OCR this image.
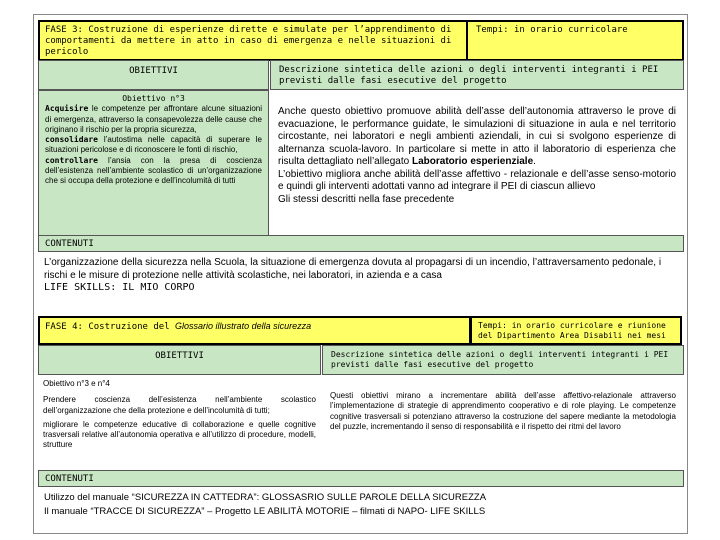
FASE 3: Costruzione di esperienze dirette e simulate per l’apprendimento di comportamenti da mettere in atto in caso di emergenza e nelle situazioni di pericolo
Tempi: in orario curricolare
OBIETTIVI	Descrizione sintetica delle azioni o degli interventi integranti i PEI previsti dalle fasi esecutive del progetto

Obiettivo n°3

Acquisire le competenze per affrontare alcune situazioni di emergenza, attraverso la consapevolezza delle cause che originano il rischio per la propria sicurezza,

consolidare l’autostima nelle capacità di superare le situazioni pericolose e di riconoscere le fonti di rischio,

controllare l’ansia con la presa di coscienza dell’esistenza nell’ambiente scolastico di un’organizzazione che si occupa della protezione e dell’incolumità di tutti

Anche questo obiettivo promuove abilità dell’asse dell’autonomia attraverso le prove di evacuazione, le performance guidate, le simulazioni di situazione in aula e nel territorio circostante, nei laboratori e negli ambienti aziendali, in cui si svolgono esperienze di alternanza scuola-lavoro. In particolare si mette in atto il laboratorio di esperienza che risulta dettagliato nell’allegato Laboratorio esperienziale.

L’obiettivo migliora anche abilità dell’asse affettivo - relazionale e dell’asse senso-motorio e quindi gli interventi adottati vanno ad integrare il PEI di ciascun allievo

Gli stessi descritti nella fase precedente

CONTENUTI

L’organizzazione della sicurezza nella Scuola, la situazione di emergenza dovuta al propagarsi di un incendio, l’attraversamento pedonale, i rischi e le misure di protezione nelle attività scolastiche, nei laboratori, in azienda e a casa

LIFE SKILLS: IL MIO CORPO

FASE 4: Costruzione del Glossario illustrato della sicurezza	Tempi: in orario curricolare e riunione del Dipartimento Area Disabili nei mesi
OBIETTIVI	Descrizione sintetica delle azioni o degli interventi integranti i PEI previsti dalle fasi esecutive del progetto

Obiettivo n°3 e n°4

Prendere coscienza dell’esistenza nell’ambiente scolastico dell’organizzazione che della protezione e dell’incolumità di tutti;

migliorare le competenze educative di collaborazione e quelle cognitive trasversali relative all’autonomia operativa e all’utilizzo di procedure, modelli, strutture

Questi obiettivi mirano a incrementare abilità dell’asse affettivo-relazionale attraverso l’implementazione di strategie di apprendimento cooperativo e di role playing. Le competenze cognitive trasversali si potenziano attraverso la costruzione del sapere mediante la metodologia del puzzle, incrementando il senso di responsabilità e il rispetto dei ritmi del lavoro

CONTENUTI

Utilizzo del manuale “SICUREZZA IN CATTEDRA”: GLOSSASRIO SULLE PAROLE DELLA SICUREZZA

Il manuale “TRACCE DI SICUREZZA” – Progetto LE ABILITÀ MOTORIE – filmati di NAPO- LIFE SKILLS
